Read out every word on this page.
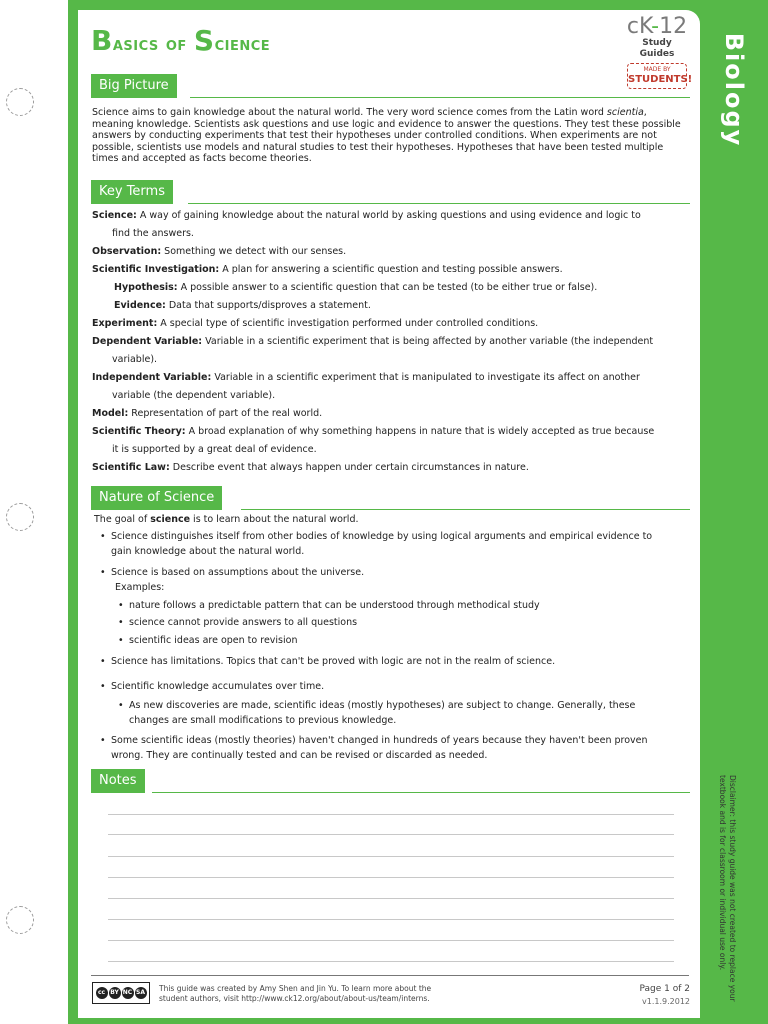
Biology
Disclaimer: this study guide was not created to replace your textbook and is for classroom or individual use only.
Basics of Science
cK-12
Study Guides
MADE BY
STUDENTS!
Big Picture
Science aims to gain knowledge about the natural world. The very word science comes from the Latin word scientia, meaning knowledge. Scientists ask questions and use logic and evidence to answer the questions. They test these possible answers by conducting experiments that test their hypotheses under controlled conditions. When experiments are not possible, scientists use models and natural studies to test their hypotheses. Hypotheses that have been tested multiple times and accepted as facts become theories.
Key Terms
Science: A way of gaining knowledge about the natural world by asking questions and using evidence and logic to
find the answers.
Observation: Something we detect with our senses.
Scientific Investigation: A plan for answering a scientific question and testing possible answers.
Hypothesis: A possible answer to a scientific question that can be tested (to be either true or false).
Evidence: Data that supports/disproves a statement.
Experiment: A special type of scientific investigation performed under controlled conditions.
Dependent Variable: Variable in a scientific experiment that is being affected by another variable (the independent
variable).
Independent Variable: Variable in a scientific experiment that is manipulated to investigate its affect on another
variable (the dependent variable).
Model: Representation of part of the real world.
Scientific Theory: A broad explanation of why something happens in nature that is widely accepted as true because
it is supported by a great deal of evidence.
Scientific Law: Describe event that always happen under certain circumstances in nature.
Nature of Science
The goal of science is to learn about the natural world.
• Science distinguishes itself from other bodies of knowledge by using logical arguments and empirical evidence to
gain knowledge about the natural world.
• Science is based on assumptions about the universe.
Examples:
• nature follows a predictable pattern that can be understood through methodical study
• science cannot provide answers to all questions
• scientific ideas are open to revision
• Science has limitations. Topics that can't be proved with logic are not in the realm of science.
• Scientific knowledge accumulates over time.
• As new discoveries are made, scientific ideas (mostly hypotheses) are subject to change. Generally, these
changes are small modifications to previous knowledge.
• Some scientific ideas (mostly theories) haven't changed in hundreds of years because they haven't been proven
wrong. They are continually tested and can be revised or discarded as needed.
Notes
cc BY NC SA This guide was created by Amy Shen and Jin Yu. To learn more about the
student authors, visit http://www.ck12.org/about/about-us/team/interns.
Page 1 of 2
v1.1.9.2012
